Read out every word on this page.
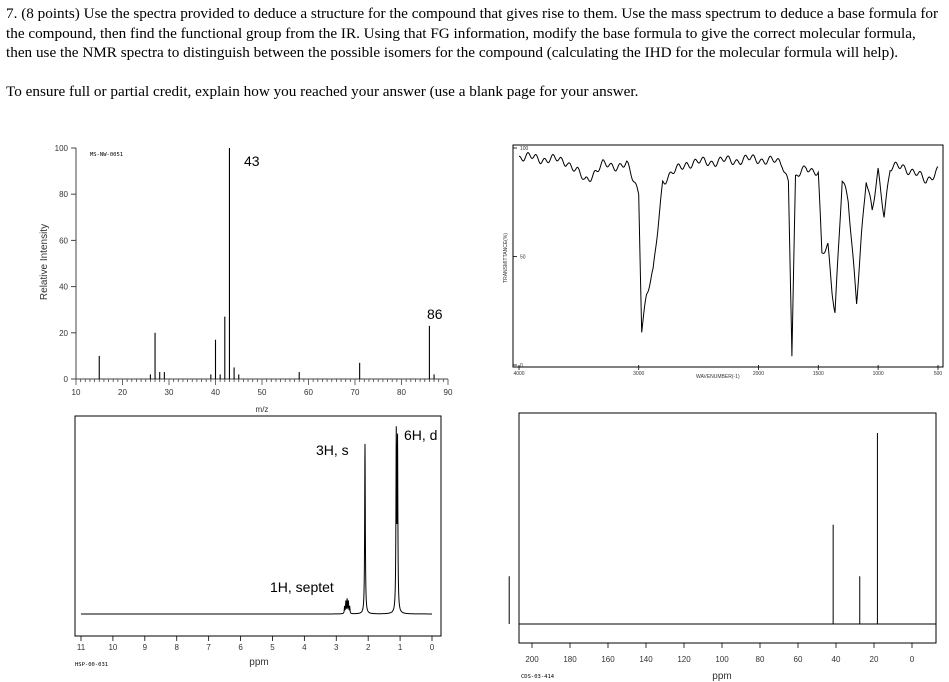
7. (8 points) Use the spectra provided to deduce a structure for the compound that gives rise to them. Use the mass spectrum to deduce a base formula for the compound, then find the functional group from the IR. Using that FG information, modify the base formula to give the correct molecular formula, then use the NMR spectra to distinguish between the possible isomers for the compound (calculating the IHD for the molecular formula will help).

To ensure full or partial credit, explain how you reached your answer (use a blank page for your answer.

0
20
40
60
80
100
10	20	30	40	50	60	70	80	90
MS-NW-0051	43
86
Relative Intensity
m/z
4000	3000	2000	1500	1000	500
0
50
100
WAVENUMBER(-1)
TRANSMITTANCE(%)
11	10	9	8	7	6	5	4	3	2	1	0
3H, s
6H, d
1H, septet
HSP-00-031	ppm	200	180	160	140	120	100	80	60	40	20	0
CDS-03-414	ppm
